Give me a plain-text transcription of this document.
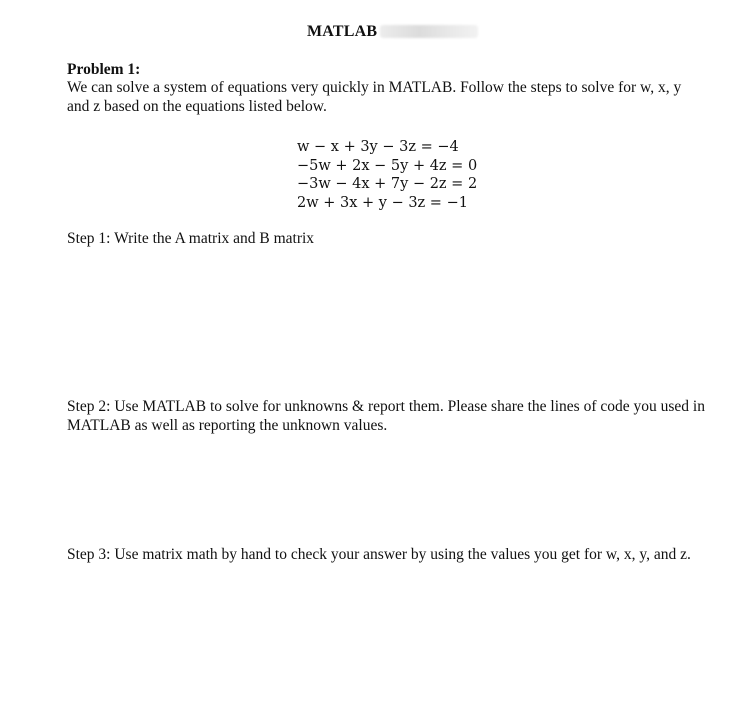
MATLAB
Problem 1:
We can solve a system of equations very quickly in MATLAB. Follow the steps to solve for w, x, y and z based on the equations listed below.
w − x + 3y − 3z = −4
−5w + 2x − 5y + 4z = 0
−3w − 4x + 7y − 2z = 2
2w + 3x + y − 3z = −1
Step 1: Write the A matrix and B matrix
Step 2: Use MATLAB to solve for unknowns & report them. Please share the lines of code you used in MATLAB as well as reporting the unknown values.
Step 3: Use matrix math by hand to check your answer by using the values you get for w, x, y, and z.
